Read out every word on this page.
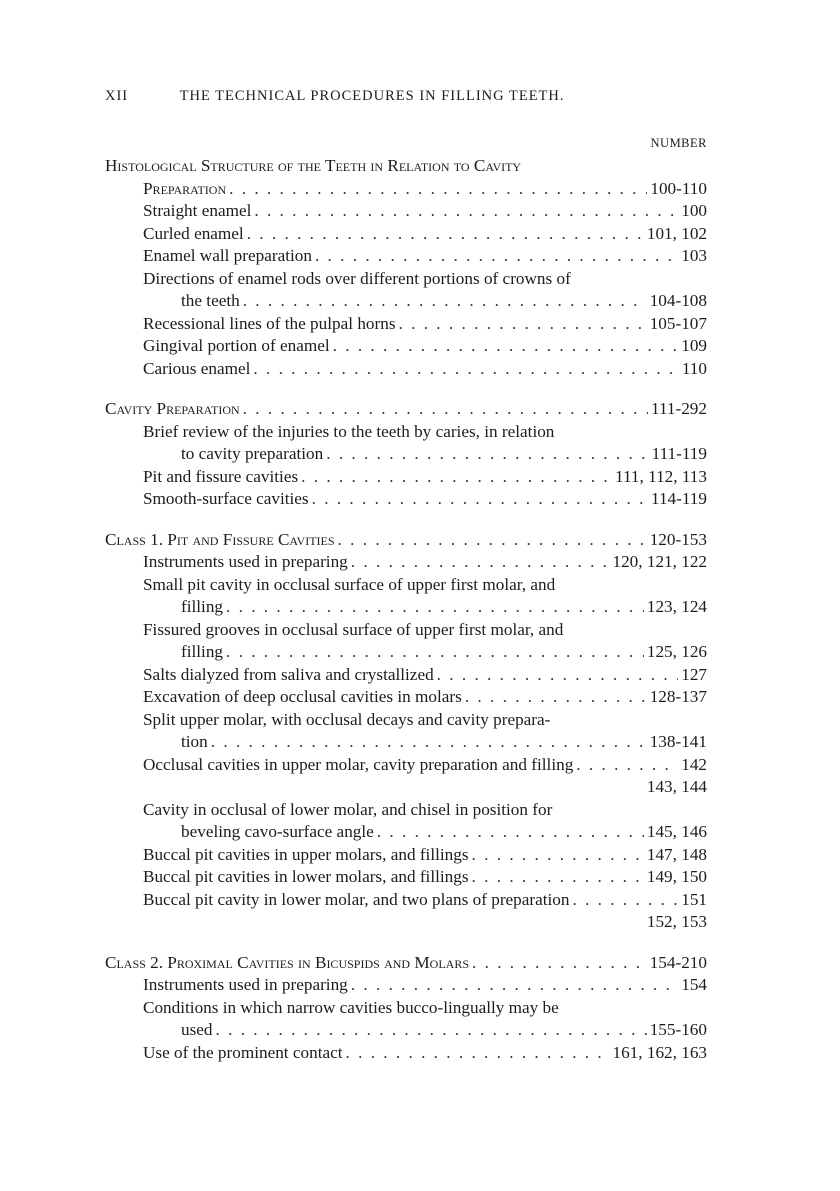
XII	THE TECHNICAL PROCEDURES IN FILLING TEETH.
NUMBER
Histological Structure of the Teeth in Relation to Cavity
Preparation . . .	100-110
Straight enamel . . .	100
Curled enamel . . .	101, 102
Enamel wall preparation . . .	103
Directions of enamel rods over different portions of crowns of
the teeth . . .	104-108
Recessional lines of the pulpal horns . . .	105-107
Gingival portion of enamel . . .	109
Carious enamel . . .	110
Cavity Preparation . . .	111-292
Brief review of the injuries to the teeth by caries, in relation
to cavity preparation . . .	111-119
Pit and fissure cavities . . .	111, 112, 113
Smooth-surface cavities . . .	114-119
Class 1. Pit and Fissure Cavities . . .	120-153
Instruments used in preparing . . .	120, 121, 122
Small pit cavity in occlusal surface of upper first molar, and
filling . . .	123, 124
Fissured grooves in occlusal surface of upper first molar, and
filling . . .	125, 126
Salts dialyzed from saliva and crystallized . . .	127
Excavation of deep occlusal cavities in molars . . .	128-137
Split upper molar, with occlusal decays and cavity prepara-
tion . . .	138-141
Occlusal cavities in upper molar, cavity preparation and filling . . .	142
143, 144
Cavity in occlusal of lower molar, and chisel in position for
beveling cavo-surface angle . . .	145, 146
Buccal pit cavities in upper molars, and fillings . . .	147, 148
Buccal pit cavities in lower molars, and fillings . . .	149, 150
Buccal pit cavity in lower molar, and two plans of preparation . . .	151
152, 153
Class 2. Proximal Cavities in Bicuspids and Molars . . .	154-210
Instruments used in preparing . . .	154
Conditions in which narrow cavities bucco-lingually may be
used . . .	155-160
Use of the prominent contact . . .	161, 162, 163
